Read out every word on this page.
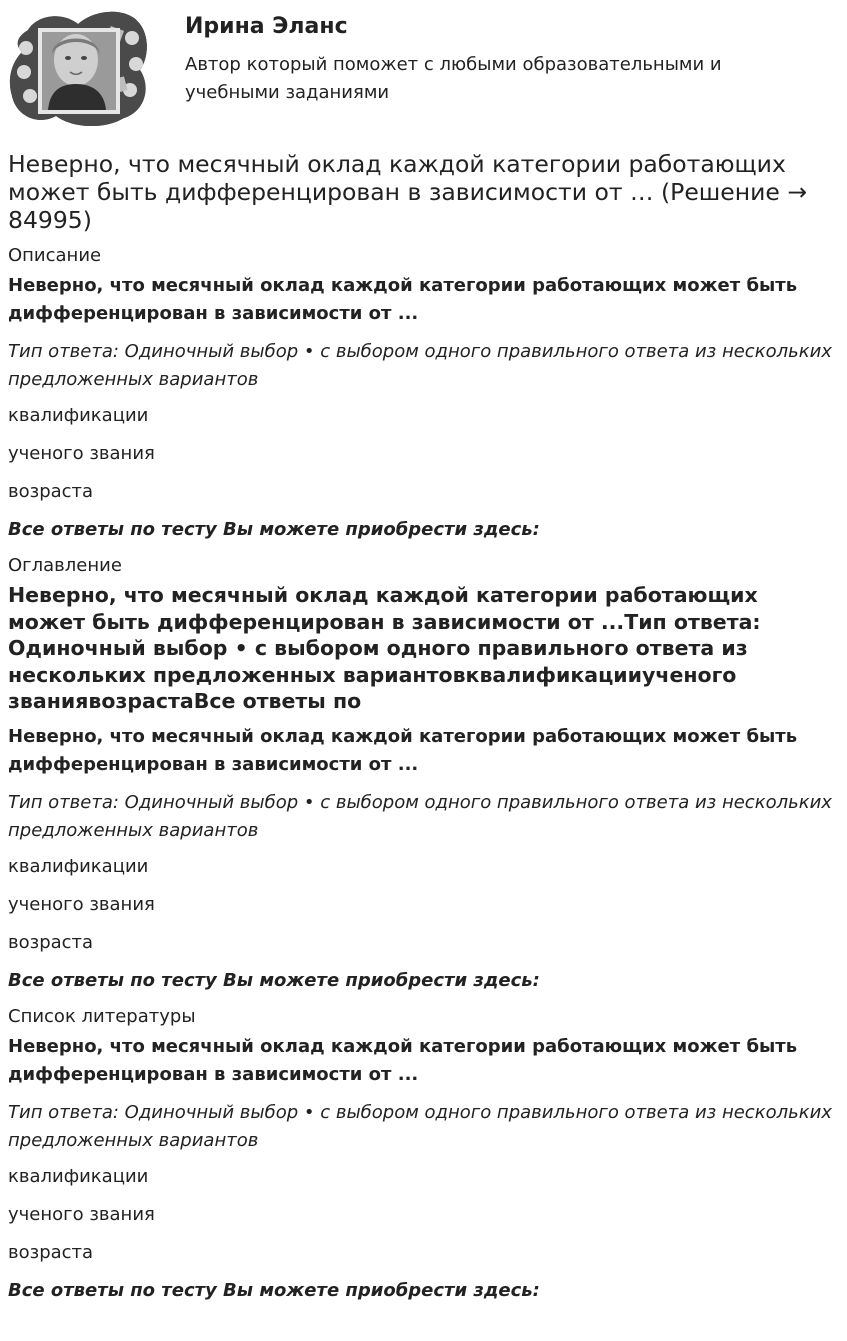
Ирина Эланс

Автор который поможет с любыми образовательными и учебными заданиями

Неверно, что месячный оклад каждой категории работающих может быть дифференцирован в зависимости от … (Решение → 84995)
Описание

Неверно, что месячный оклад каждой категории работающих может быть дифференцирован в зависимости от ...

Тип ответа: Одиночный выбор • с выбором одного правильного ответа из нескольких предложенных вариантов

квалификации

ученого звания

возраста

Все ответы по тесту Вы можете приобрести здесь:

Оглавление
Неверно, что месячный оклад каждой категории работающих может быть дифференцирован в зависимости от ...Тип ответа: Одиночный выбор • с выбором одного правильного ответа из нескольких предложенных вариантовквалификацииученого званиявозрастаВсе ответы по

Неверно, что месячный оклад каждой категории работающих может быть дифференцирован в зависимости от ...

Тип ответа: Одиночный выбор • с выбором одного правильного ответа из нескольких предложенных вариантов

квалификации

ученого звания

возраста

Все ответы по тесту Вы можете приобрести здесь:

Список литературы

Неверно, что месячный оклад каждой категории работающих может быть дифференцирован в зависимости от ...

Тип ответа: Одиночный выбор • с выбором одного правильного ответа из нескольких предложенных вариантов

квалификации

ученого звания

возраста

Все ответы по тесту Вы можете приобрести здесь:
